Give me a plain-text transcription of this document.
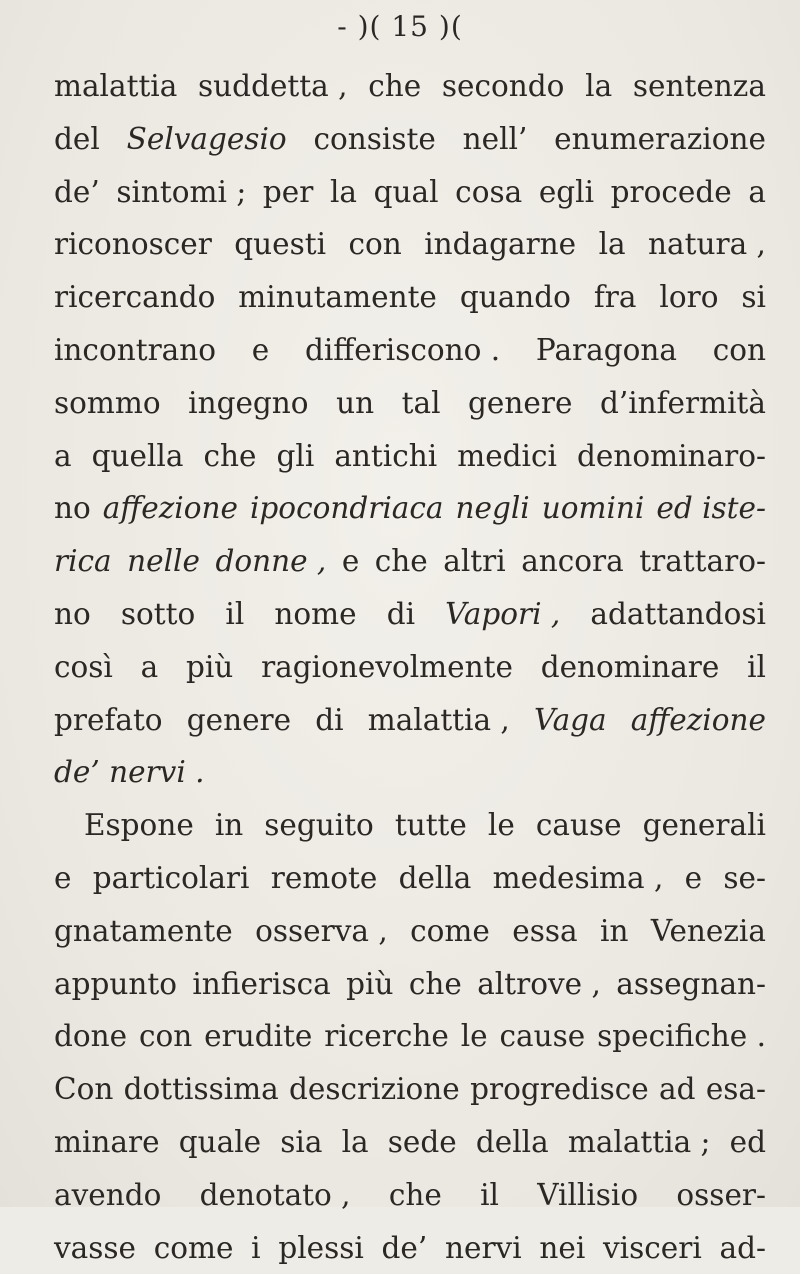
- )( 15 )(
malattia suddetta , che secondo la sentenza
del Selvagesio consiste nell’ enumerazione
de’ sintomi ; per la qual cosa egli procede a
riconoscer questi con indagarne la natura ,
ricercando minutamente quando fra loro si
incontrano e differiscono . Paragona con
sommo ingegno un tal genere d’infermità
a quella che gli antichi medici denominaro-
no affezione ipocondriaca negli uomini ed iste-
rica nelle donne , e che altri ancora trattaro-
no sotto il nome di Vapori , adattandosi
così a più ragionevolmente denominare il
prefato genere di malattia , Vaga affezione
de’ nervi .
Espone in seguito tutte le cause generali
e particolari remote della medesima , e se-
gnatamente osserva , come essa in Venezia
appunto infierisca più che altrove , assegnan-
done con erudite ricerche le cause specifiche .
Con dottissima descrizione progredisce ad esa-
minare quale sia la sede della malattia ; ed
avendo denotato , che il Villisio osser-
vasse come i plessi de’ nervi nei visceri ad-
